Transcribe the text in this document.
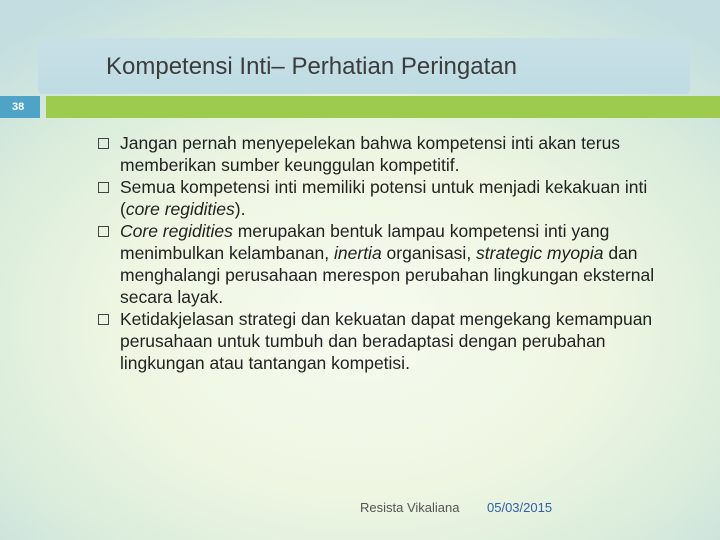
Kompetensi Inti– Perhatian Peringatan
38
Jangan pernah menyepelekan bahwa kompetensi inti akan terus memberikan sumber keunggulan kompetitif.
Semua kompetensi inti memiliki potensi untuk menjadi kekakuan inti (core regidities).
Core regidities merupakan bentuk lampau kompetensi inti yang menimbulkan kelambanan, inertia organisasi, strategic myopia dan menghalangi perusahaan merespon perubahan lingkungan eksternal secara layak.
Ketidakjelasan strategi dan kekuatan dapat mengekang kemampuan perusahaan untuk tumbuh dan beradaptasi dengan perubahan lingkungan atau tantangan kompetisi.
Resista Vikaliana 05/03/2015
